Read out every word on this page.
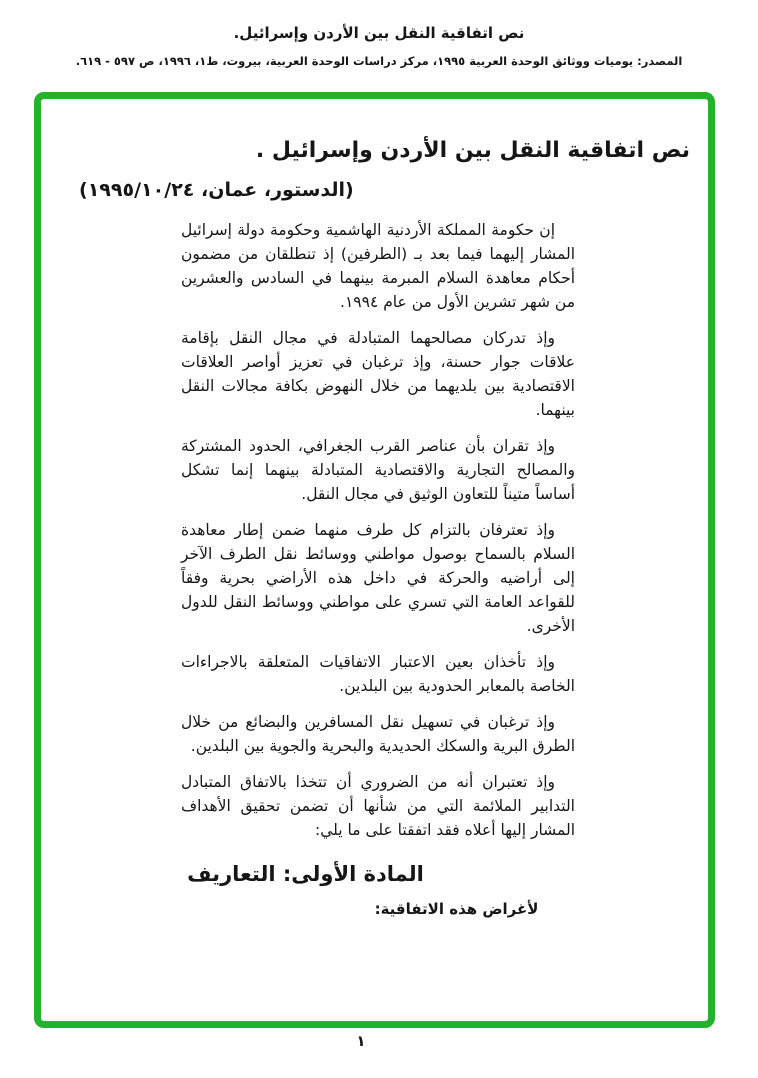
نص اتفاقية النقل بين الأردن وإسرائيل.
المصدر: يوميات ووثائق الوحدة العربية ١٩٩٥، مركز دراسات الوحدة العربية، بيروت، ط١، ١٩٩٦، ص ٥٩٧ - ٦١٩.
نص اتفاقية النقل بين الأردن وإسرائيل .
(الدستور، عمان، ٢٤‏/‏١٠‏/‏١٩٩٥)

إن حكومة المملكة الأردنية الهاشمية وحكومة دولة إسرائيل المشار إليهما فيما بعد بـ (الطرفين) إذ تنطلقان من مضمون أحكام معاهدة السلام المبرمة بينهما في السادس والعشرين من شهر تشرين الأول من عام ١٩٩٤.

وإذ تدركان مصالحهما المتبادلة في مجال النقل بإقامة علاقات جوار حسنة، وإذ ترغبان في تعزيز أواصر العلاقات الاقتصادية بين بلديهما من خلال النهوض بكافة مجالات النقل بينهما.

وإذ تقران بأن عناصر القرب الجغرافي، الحدود المشتركة والمصالح التجارية والاقتصادية المتبادلة بينهما إنما تشكل أساساً متيناً للتعاون الوثيق في مجال النقل.

وإذ تعترفان بالتزام كل طرف منهما ضمن إطار معاهدة السلام بالسماح بوصول مواطني ووسائط نقل الطرف الآخر إلى أراضيه والحركة في داخل هذه الأراضي بحرية وفقاً للقواعد العامة التي تسري على مواطني ووسائط النقل للدول الأخرى.

وإذ تأخذان بعين الاعتبار الاتفاقيات المتعلقة بالاجراءات الخاصة بالمعابر الحدودية بين البلدين.

وإذ ترغبان في تسهيل نقل المسافرين والبضائع من خلال الطرق البرية والسكك الحديدية والبحرية والجوية بين البلدين.

وإذ تعتبران أنه من الضروري أن تتخذا بالاتفاق المتبادل التدابير الملائمة التي من شأنها أن تضمن تحقيق الأهداف المشار إليها أعلاه فقد اتفقتا على ما يلي:

المادة الأولى: التعاريف
لأغراض هذه الاتفاقية:
١
